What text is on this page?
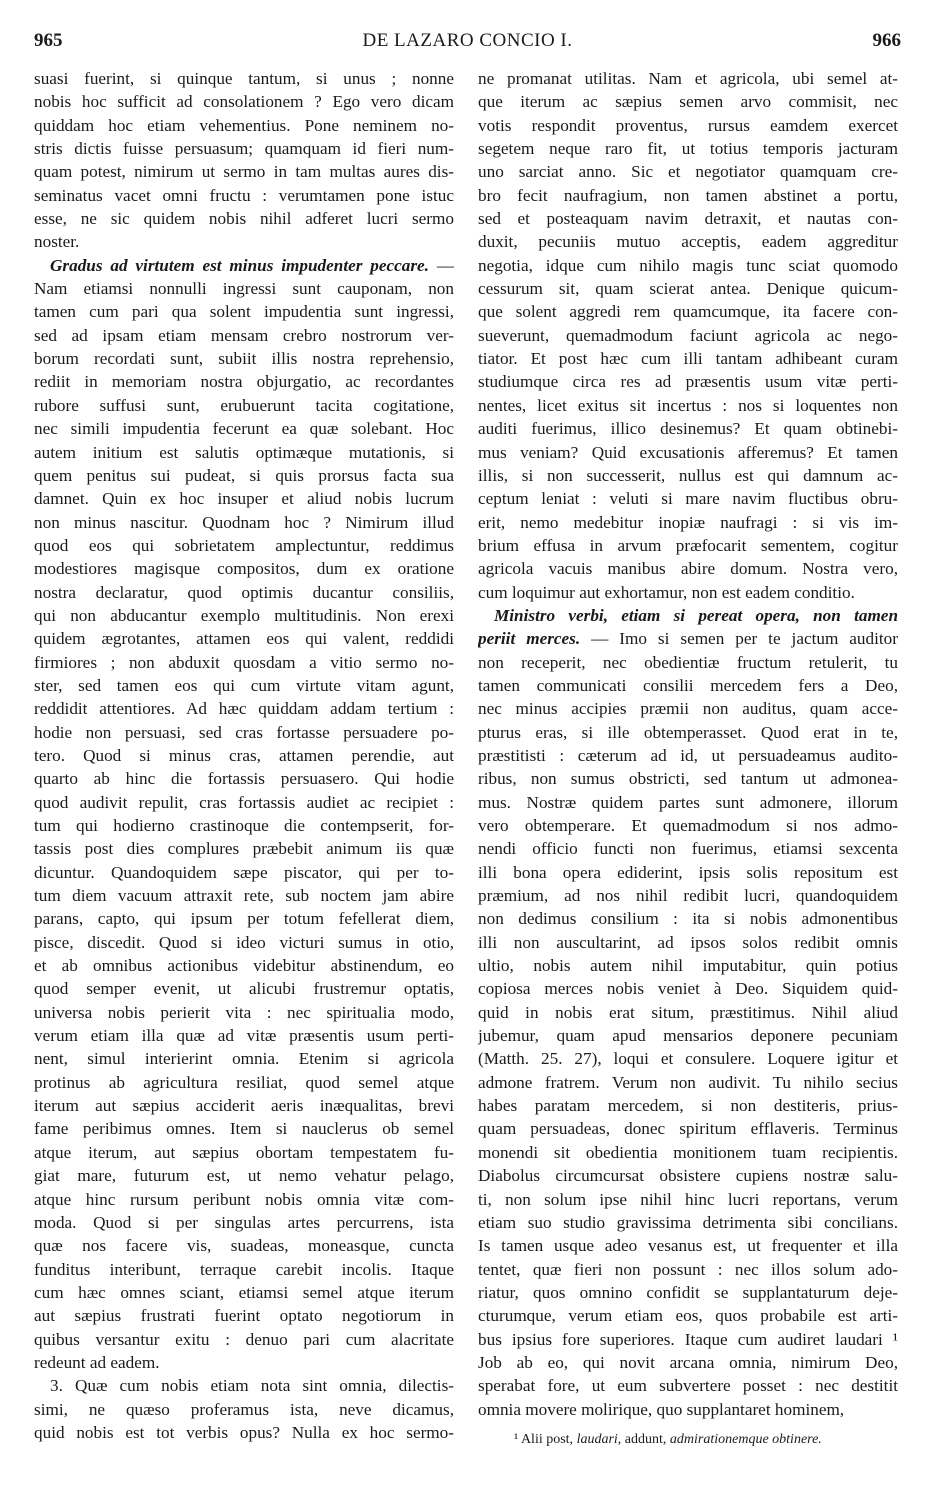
965	DE LAZARO CONCIO I.	966
suasi fuerint, si quinque tantum, si unus ; nonne
nobis hoc sufficit ad consolationem ? Ego vero dicam
quiddam hoc etiam vehementius. Pone neminem no-
stris dictis fuisse persuasum; quamquam id fieri num-
quam potest, nimirum ut sermo in tam multas aures dis-
seminatus vacet omni fructu : verumtamen pone istuc
esse, ne sic quidem nobis nihil adferet lucri sermo
noster.
Gradus ad virtutem est minus impudenter peccare. —
Nam etiamsi nonnulli ingressi sunt cauponam, non
tamen cum pari qua solent impudentia sunt ingressi,
sed ad ipsam etiam mensam crebro nostrorum ver-
borum recordati sunt, subiit illis nostra reprehensio,
rediit in memoriam nostra objurgatio, ac recordantes
rubore suffusi sunt, erubuerunt tacita cogitatione,
nec simili impudentia fecerunt ea quæ solebant. Hoc
autem initium est salutis optimæque mutationis, si
quem penitus sui pudeat, si quis prorsus facta sua
damnet. Quin ex hoc insuper et aliud nobis lucrum
non minus nascitur. Quodnam hoc ? Nimirum illud
quod eos qui sobrietatem amplectuntur, reddimus
modestiores magisque compositos, dum ex oratione
nostra declaratur, quod optimis ducantur consiliis,
qui non abducantur exemplo multitudinis. Non erexi
quidem ægrotantes, attamen eos qui valent, reddidi
firmiores ; non abduxit quosdam a vitio sermo no-
ster, sed tamen eos qui cum virtute vitam agunt,
reddidit attentiores. Ad hæc quiddam addam tertium :
hodie non persuasi, sed cras fortasse persuadere po-
tero. Quod si minus cras, attamen perendie, aut
quarto ab hinc die fortassis persuasero. Qui hodie
quod audivit repulit, cras fortassis audiet ac recipiet :
tum qui hodierno crastinoque die contempserit, for-
tassis post dies complures præbebit animum iis quæ
dicuntur. Quandoquidem sæpe piscator, qui per to-
tum diem vacuum attraxit rete, sub noctem jam abire
parans, capto, qui ipsum per totum fefellerat diem,
pisce, discedit. Quod si ideo victuri sumus in otio,
et ab omnibus actionibus videbitur abstinendum, eo
quod semper evenit, ut alicubi frustremur optatis,
universa nobis perierit vita : nec spiritualia modo,
verum etiam illa quæ ad vitæ præsentis usum perti-
nent, simul interierint omnia. Etenim si agricola
protinus ab agricultura resiliat, quod semel atque
iterum aut sæpius acciderit aeris inæqualitas, brevi
fame peribimus omnes. Item si nauclerus ob semel
atque iterum, aut sæpius obortam tempestatem fu-
giat mare, futurum est, ut nemo vehatur pelago,
atque hinc rursum peribunt nobis omnia vitæ com-
moda. Quod si per singulas artes percurrens, ista
quæ nos facere vis, suadeas, moneasque, cuncta
funditus interibunt, terraque carebit incolis. Itaque
cum hæc omnes sciant, etiamsi semel atque iterum
aut sæpius frustrati fuerint optato negotiorum in
quibus versantur exitu : denuo pari cum alacritate
redeunt ad eadem.
3. Quæ cum nobis etiam nota sint omnia, dilectis-
simi, ne quæso proferamus ista, neve dicamus,
quid nobis est tot verbis opus? Nulla ex hoc sermo-
ne promanat utilitas. Nam et agricola, ubi semel at-
que iterum ac sæpius semen arvo commisit, nec
votis respondit proventus, rursus eamdem exercet
segetem neque raro fit, ut totius temporis jacturam
uno sarciat anno. Sic et negotiator quamquam cre-
bro fecit naufragium, non tamen abstinet a portu,
sed et posteaquam navim detraxit, et nautas con-
duxit, pecuniis mutuo acceptis, eadem aggreditur
negotia, idque cum nihilo magis tunc sciat quomodo
cessurum sit, quam scierat antea. Denique quicum-
que solent aggredi rem quamcumque, ita facere con-
sueverunt, quemadmodum faciunt agricola ac nego-
tiator. Et post hæc cum illi tantam adhibeant curam
studiumque circa res ad præsentis usum vitæ perti-
nentes, licet exitus sit incertus : nos si loquentes non
auditi fuerimus, illico desinemus? Et quam obtinebi-
mus veniam? Quid excusationis afferemus? Et tamen
illis, si non successerit, nullus est qui damnum ac-
ceptum leniat : veluti si mare navim fluctibus obru-
erit, nemo medebitur inopiæ naufragi : si vis im-
brium effusa in arvum præfocarit sementem, cogitur
agricola vacuis manibus abire domum. Nostra vero,
cum loquimur aut exhortamur, non est eadem conditio.
Ministro verbi, etiam si pereat opera, non tamen
periit merces. — Imo si semen per te jactum auditor
non receperit, nec obedientiæ fructum retulerit, tu
tamen communicati consilii mercedem fers a Deo,
nec minus accipies præmii non auditus, quam acce-
pturus eras, si ille obtemperasset. Quod erat in te,
præstitisti : cæterum ad id, ut persuadeamus audito-
ribus, non sumus obstricti, sed tantum ut admonea-
mus. Nostræ quidem partes sunt admonere, illorum
vero obtemperare. Et quemadmodum si nos admo-
nendi officio functi non fuerimus, etiamsi sexcenta
illi bona opera ediderint, ipsis solis repositum est
præmium, ad nos nihil redibit lucri, quandoquidem
non dedimus consilium : ita si nobis admonentibus
illi non auscultarint, ad ipsos solos redibit omnis
ultio, nobis autem nihil imputabitur, quin potius
copiosa merces nobis veniet à Deo. Siquidem quid-
quid in nobis erat situm, præstitimus. Nihil aliud
jubemur, quam apud mensarios deponere pecuniam
(Matth. 25. 27), loqui et consulere. Loquere igitur et
admone fratrem. Verum non audivit. Tu nihilo secius
habes paratam mercedem, si non destiteris, prius-
quam persuadeas, donec spiritum efflaveris. Terminus
monendi sit obedientia monitionem tuam recipientis.
Diabolus circumcursat obsistere cupiens nostræ salu-
ti, non solum ipse nihil hinc lucri reportans, verum
etiam suo studio gravissima detrimenta sibi concilians.
Is tamen usque adeo vesanus est, ut frequenter et illa
tentet, quæ fieri non possunt : nec illos solum ado-
riatur, quos omnino confidit se supplantaturum deje-
cturumque, verum etiam eos, quos probabile est arti-
bus ipsius fore superiores. Itaque cum audiret laudari ¹
Job ab eo, qui novit arcana omnia, nimirum Deo,
sperabat fore, ut eum subvertere posset : nec destitit
omnia movere molirique, quo supplantaret hominem,
¹ Alii post, laudari, addunt, admirationemque obtinere.
